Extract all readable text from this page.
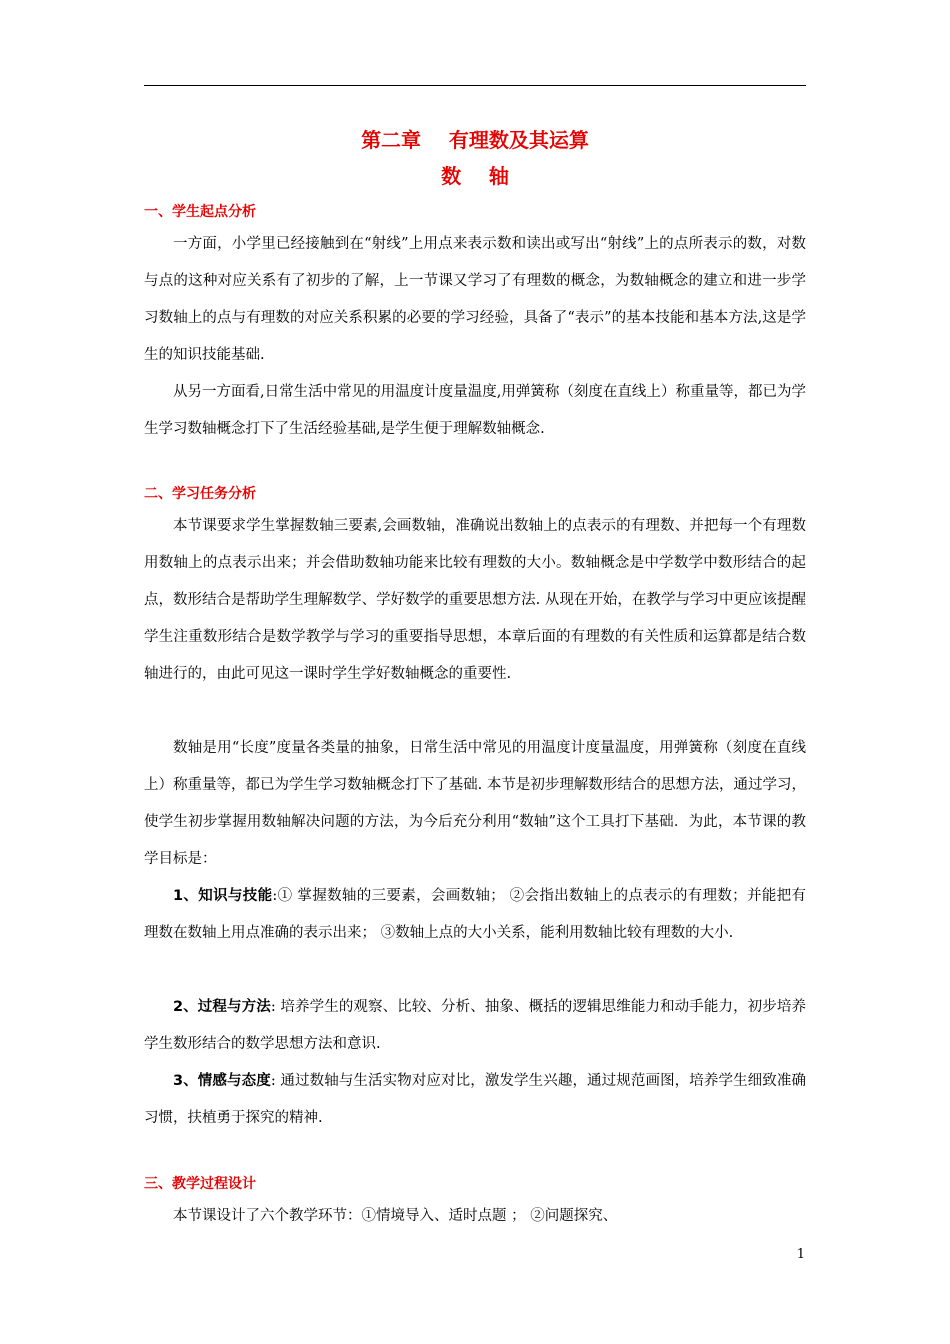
第二章    有理数及其运算
数    轴
一、学生起点分析

一方面，小学里已经接触到在“射线”上用点来表示数和读出或写出“射线”上的点所表示的数，对数与点的这种对应关系有了初步的了解，上一节课又学习了有理数的概念，为数轴概念的建立和进一步学习数轴上的点与有理数的对应关系积累的必要的学习经验，具备了“表示”的基本技能和基本方法,这是学生的知识技能基础.

从另一方面看,日常生活中常见的用温度计度量温度,用弹簧称（刻度在直线上）称重量等，都已为学生学习数轴概念打下了生活经验基础,是学生便于理解数轴概念.

二、学习任务分析

本节课要求学生掌握数轴三要素,会画数轴，准确说出数轴上的点表示的有理数、并把每一个有理数用数轴上的点表示出来；并会借助数轴功能来比较有理数的大小。数轴概念是中学数学中数形结合的起点，数形结合是帮助学生理解数学、学好数学的重要思想方法. 从现在开始，在教学与学习中更应该提醒学生注重数形结合是数学教学与学习的重要指导思想，本章后面的有理数的有关性质和运算都是结合数轴进行的，由此可见这一课时学生学好数轴概念的重要性.

数轴是用“长度”度量各类量的抽象，日常生活中常见的用温度计度量温度，用弹簧称（刻度在直线上）称重量等，都已为学生学习数轴概念打下了基础. 本节是初步理解数形结合的思想方法，通过学习，使学生初步掌握用数轴解决问题的方法，为今后充分利用“数轴”这个工具打下基础．为此，本节课的教学目标是：

1、知识与技能:① 掌握数轴的三要素，会画数轴； ②会指出数轴上的点表示的有理数；并能把有理数在数轴上用点准确的表示出来； ③数轴上点的大小关系，能利用数轴比较有理数的大小.

2、过程与方法: 培养学生的观察、比较、分析、抽象、概括的逻辑思维能力和动手能力，初步培养学生数形结合的数学思想方法和意识.

3、情感与态度: 通过数轴与生活实物对应对比，激发学生兴趣，通过规范画图，培养学生细致准确习惯，扶植勇于探究的精神.

三、教学过程设计

本节课设计了六个教学环节：①情境导入、适时点题 ； ②问题探究、

1
